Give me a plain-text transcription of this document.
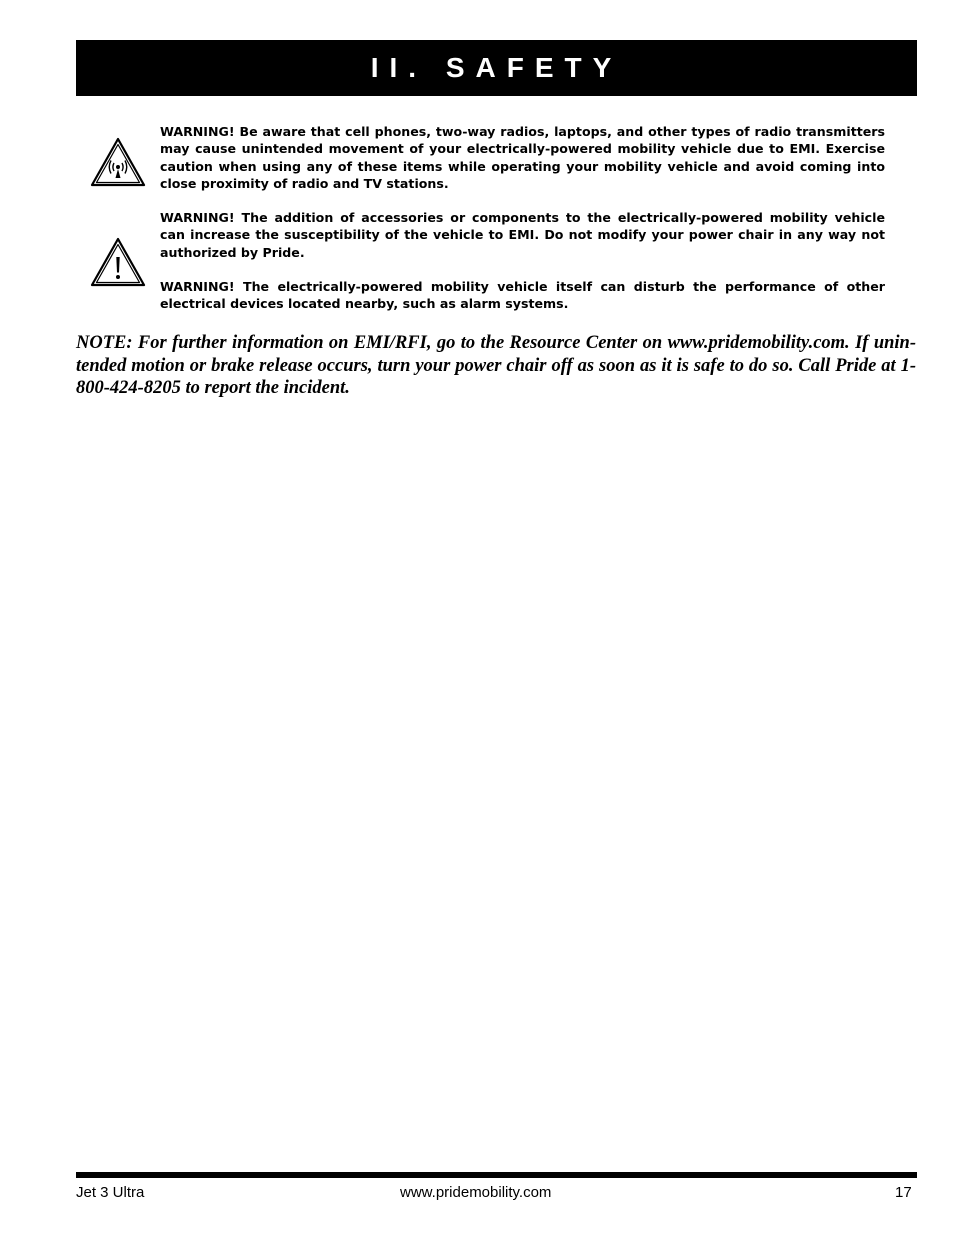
II. SAFETY

WARNING! Be aware that cell phones, two-way radios, laptops, and other types of radio transmitters may cause unintended movement of your electrically-powered mobility vehicle due to EMI. Exercise caution when using any of these items while operating your mobility vehicle and avoid coming into close proximity of radio and TV stations.

WARNING! The addition of accessories or components to the electrically-powered mobility vehicle can increase the susceptibility of the vehicle to EMI. Do not modify your power chair in any way not authorized by Pride.

WARNING! The electrically-powered mobility vehicle itself can disturb the performance of other electrical devices located nearby, such as alarm systems.

NOTE: For further information on EMI/RFI, go to the Resource Center on www.pridemobility.com. If unin-tended motion or brake release occurs, turn your power chair off as soon as it is safe to do so. Call Pride at 1-800-424-8205 to report the incident.

Jet 3 Ultra	www.pridemobility.com	17
